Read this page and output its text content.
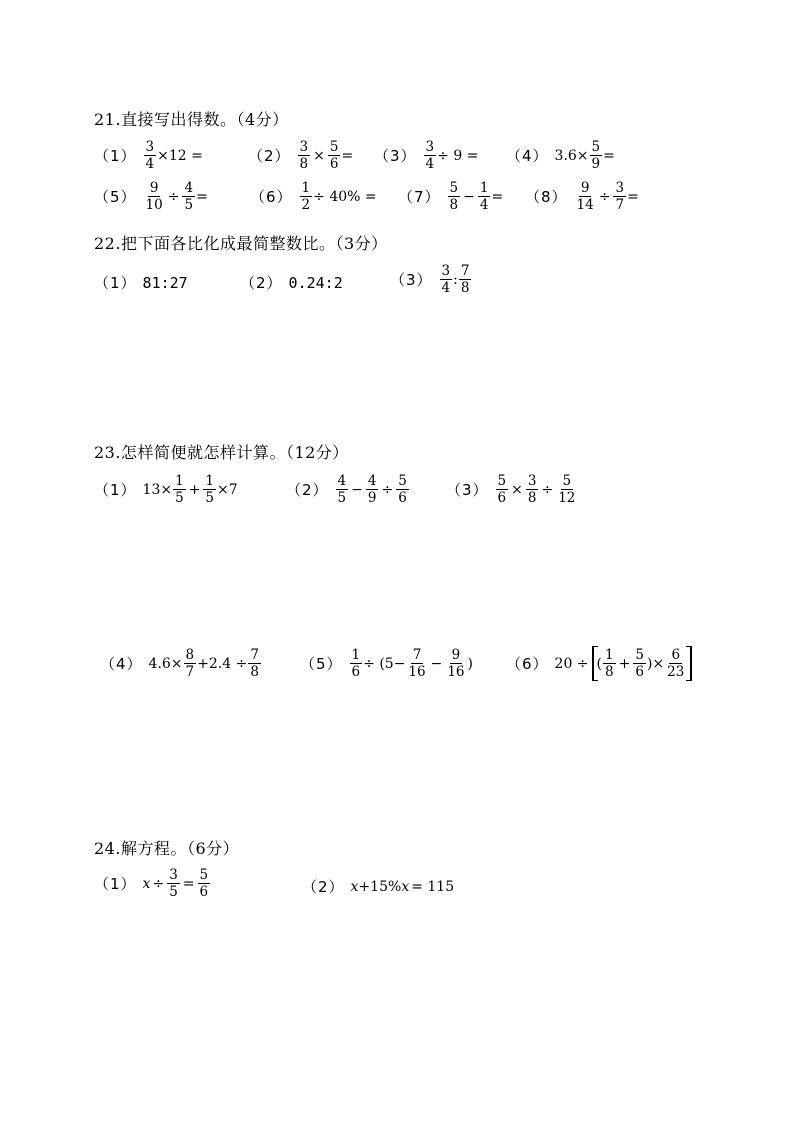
21.直接写出得数。（4分）
$(1) \frac{3}{4} \times 12$ =	$(2) \frac{3}{8} \times \frac{5}{6} = (3) \frac{3}{4} \div 9 = (4)$ $3.6\times \frac{5}{9}$ =
$(5) \frac{9}{10} \div \frac{4}{5}$ =	$(6) \frac{1}{2} \div 40\% = (7) \frac{5}{8} - \frac{1}{4} = (8) \frac{9}{14} \div \frac{3}{7}$ =
22.把下面各比化成最简整数比。（3分）
（1） 81:27	（2） 0.24:2	$(3) \frac{3}{4}$ : $\frac{7}{8}$
23.怎样简便就怎样计算。（12分）
（1） $13\times \frac{1}{5} + \frac{1}{5} \times 7$	$(2) \frac{4}{5} - \frac{4}{9} \div \frac{5}{6} (3) \frac{5}{6} \times \frac{3}{8} \div \frac{5}{12}$
（4） $4.6\times \frac{8}{7} +2.4 \div \frac{7}{8}$	$(5) \frac{1}{6} \div (5- \frac{7}{16} - \frac{9}{16}$ ) （6） 20 ÷ ( $\frac{1}{8} + \frac{5}{6}$ )× $\frac{6}{23}$
24.解方程。（6分）
（1） $x \div \frac{3}{5} = \frac{5}{6}$	（2） x +15% x = 115
